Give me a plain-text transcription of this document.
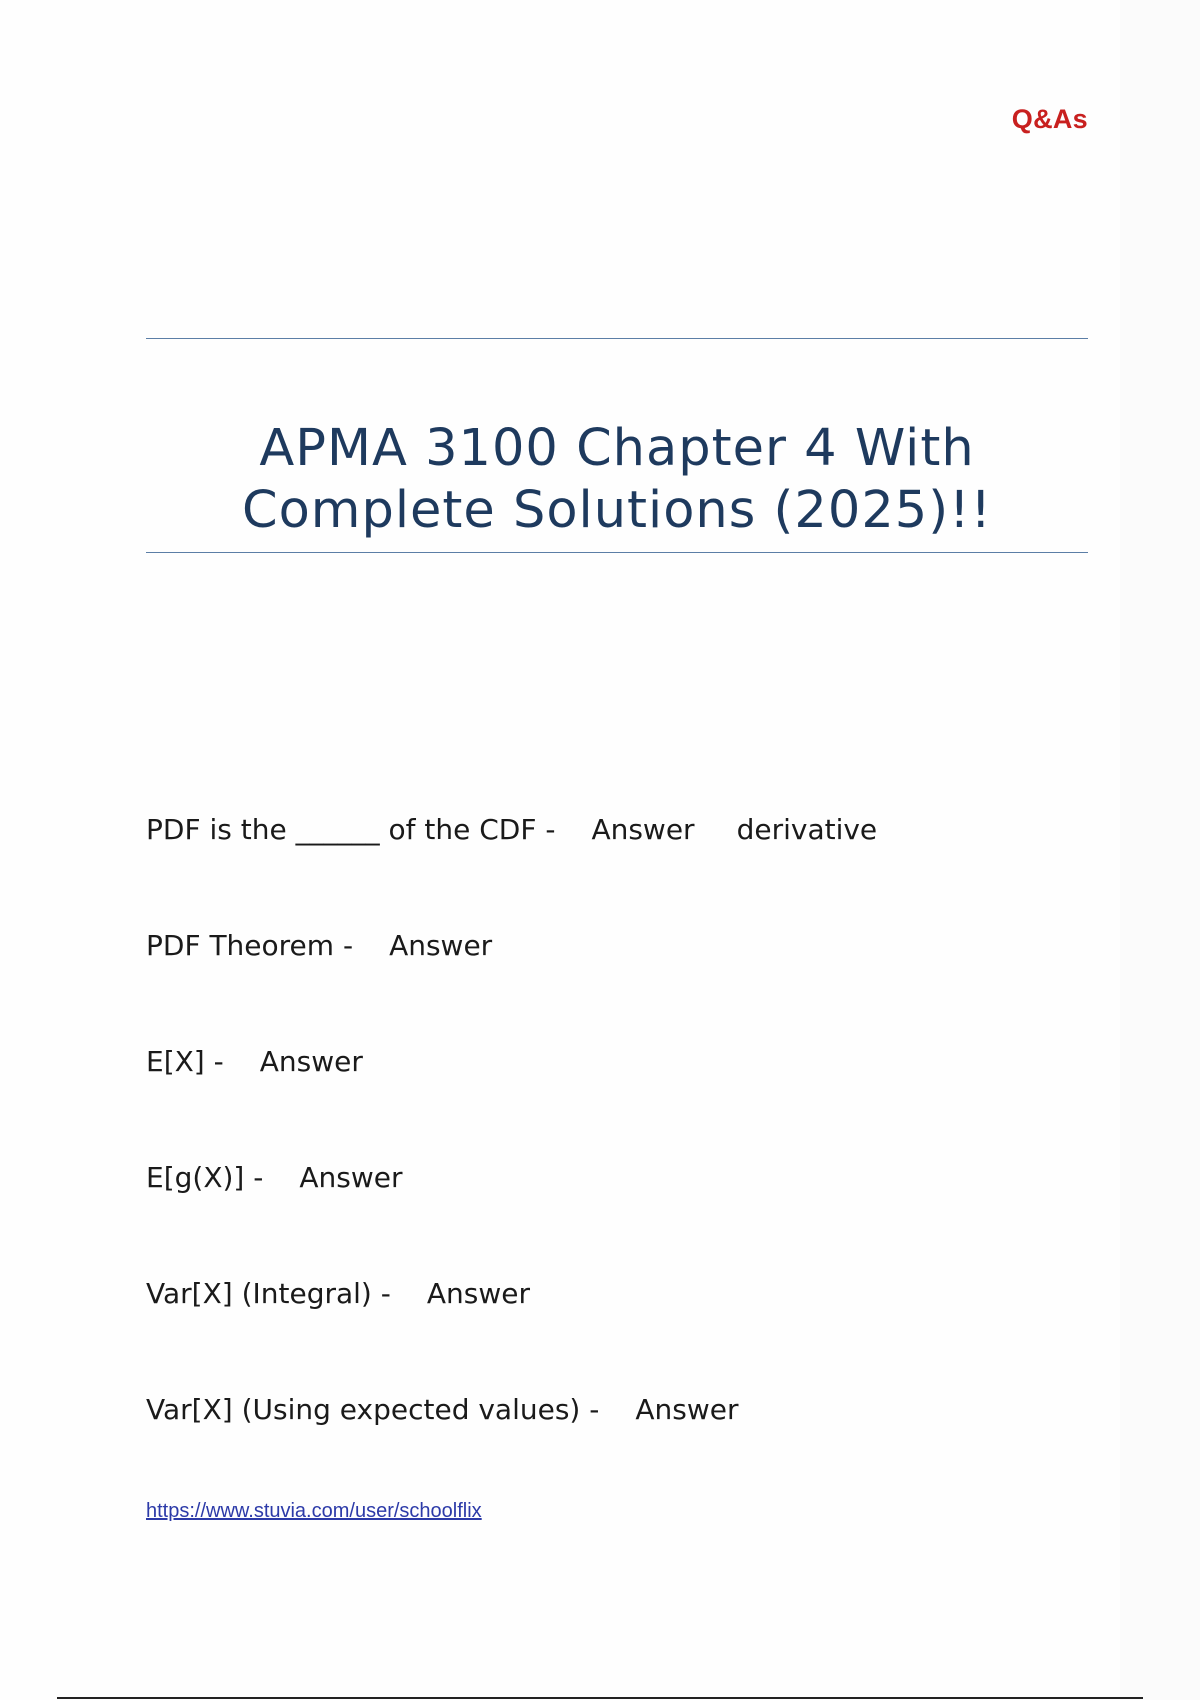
Q&As
APMA 3100 Chapter 4 With
Complete Solutions (2025)!!
PDF is the ______ of the CDF - Answer derivative
PDF Theorem - Answer
E[X] - Answer
E[g(X)] - Answer
Var[X] (Integral) - Answer
Var[X] (Using expected values) - Answer
https://www.stuvia.com/user/schoolflix
